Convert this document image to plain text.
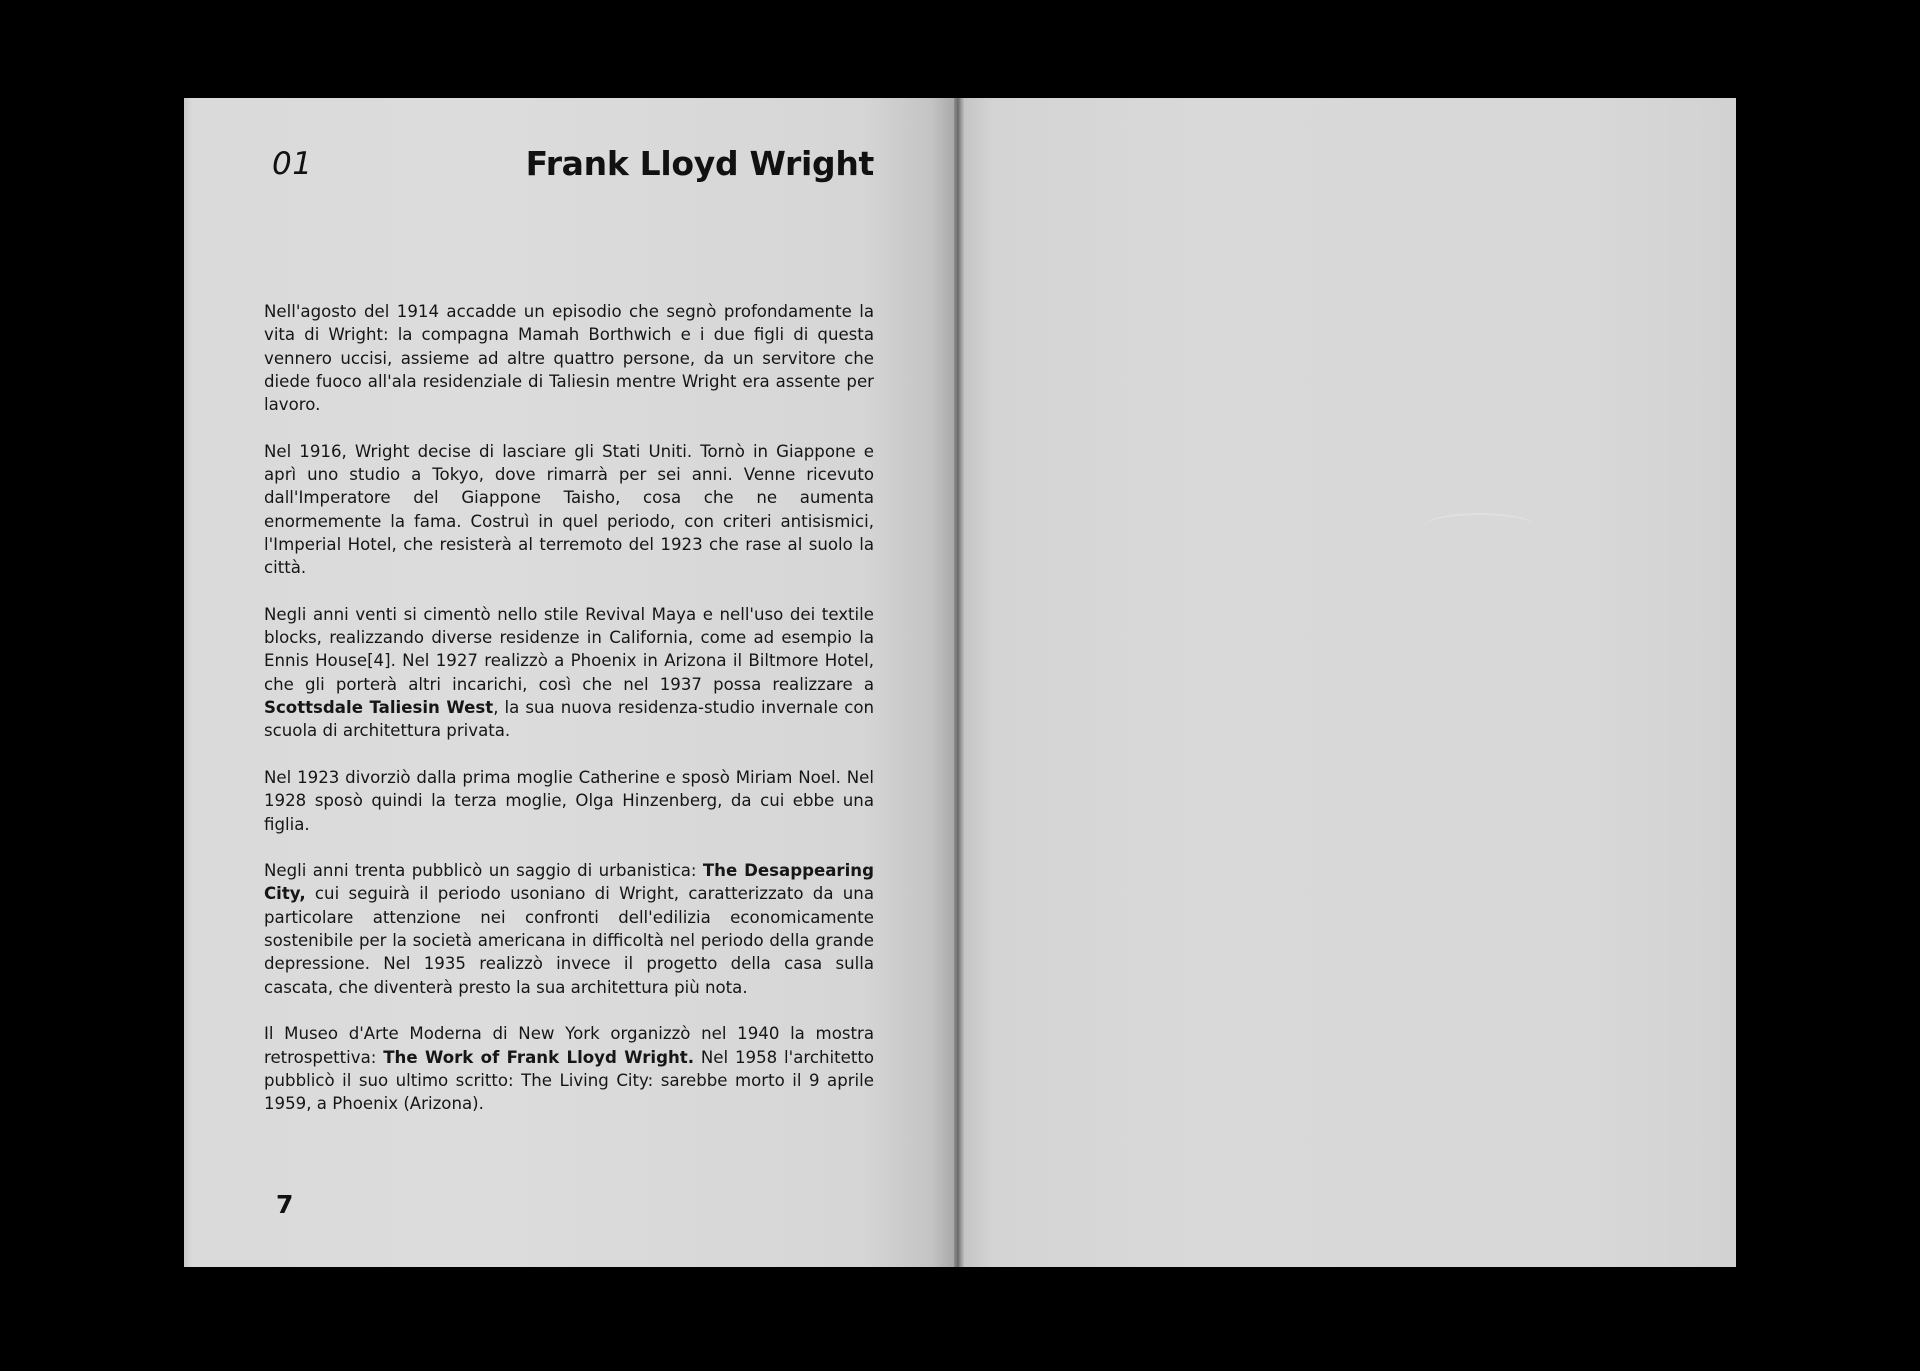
01	Frank Lloyd Wright

Nell'agosto del 1914 accadde un episodio che segnò profondamente la vita di Wright: la compagna Mamah Borthwich e i due figli di questa vennero uccisi, assieme ad altre quattro persone, da un servitore che diede fuoco all'ala residenziale di Taliesin mentre Wright era assente per lavoro.

Nel 1916, Wright decise di lasciare gli Stati Uniti. Tornò in Giappone e aprì uno studio a Tokyo, dove rimarrà per sei anni. Venne ricevuto dall'Imperatore del Giappone Taisho, cosa che ne aumenta enormemente la fama. Costruì in quel periodo, con criteri antisismici, l'Imperial Hotel, che resisterà al terremoto del 1923 che rase al suolo la città.

Negli anni venti si cimentò nello stile Revival Maya e nell'uso dei textile blocks, realizzando diverse residenze in California, come ad esempio la Ennis House[4]. Nel 1927 realizzò a Phoenix in Arizona il Biltmore Hotel, che gli porterà altri incarichi, così che nel 1937 possa realizzare a Scottsdale Taliesin West, la sua nuova residenza-studio invernale con scuola di architettura privata.

Nel 1923 divorziò dalla prima moglie Catherine e sposò Miriam Noel. Nel 1928 sposò quindi la terza moglie, Olga Hinzenberg, da cui ebbe una figlia.

Negli anni trenta pubblicò un saggio di urbanistica: The Desappearing City, cui seguirà il periodo usoniano di Wright, caratterizzato da una particolare attenzione nei confronti dell'edilizia economicamente sostenibile per la società americana in difficoltà nel periodo della grande depressione. Nel 1935 realizzò invece il progetto della casa sulla cascata, che diventerà presto la sua architettura più nota.

Il Museo d'Arte Moderna di New York organizzò nel 1940 la mostra retrospettiva: The Work of Frank Lloyd Wright. Nel 1958 l'architetto pubblicò il suo ultimo scritto: The Living City: sarebbe morto il 9 aprile 1959, a Phoenix (Arizona).

7
